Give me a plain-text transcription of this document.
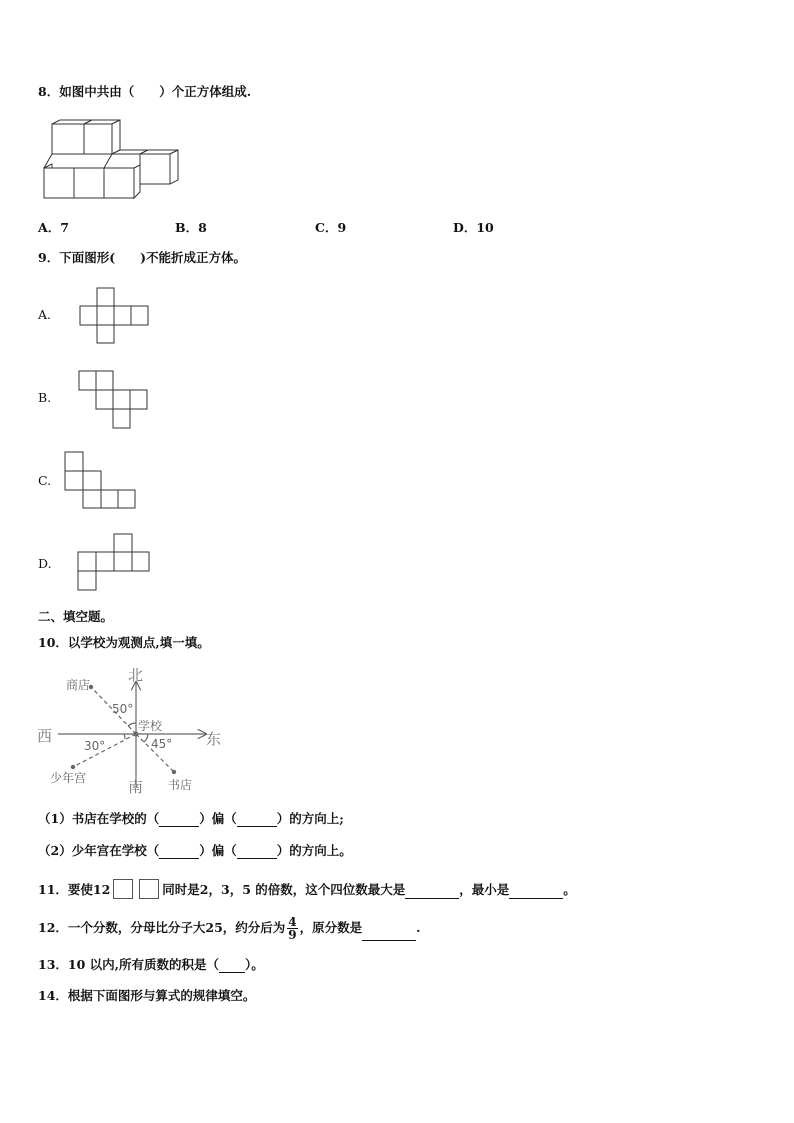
8．如图中共由（　　）个正方体组成.
A．7	B．8	C．9	D．10
9．下面图形(　　)不能折成正方体。
A.
B.
C.
D.
二、填空题。
10．以学校为观测点,填一填。
北
南
西	东
学校
商店
少年宫	书店
50°
30°	45°
（1）书店在学校的（	）偏（	）的方向上;
（2）少年宫在学校（	）偏（	）的方向上。
11．要使12	同时是2，3，5 的倍数，这个四位数最大是	，最小是	。
12．一个分数，分母比分子大25，约分后为 $\frac{4}{9}$ ，原分数是	.
13．10 以内,所有质数的积是（ ）。
14．根据下面图形与算式的规律填空。
